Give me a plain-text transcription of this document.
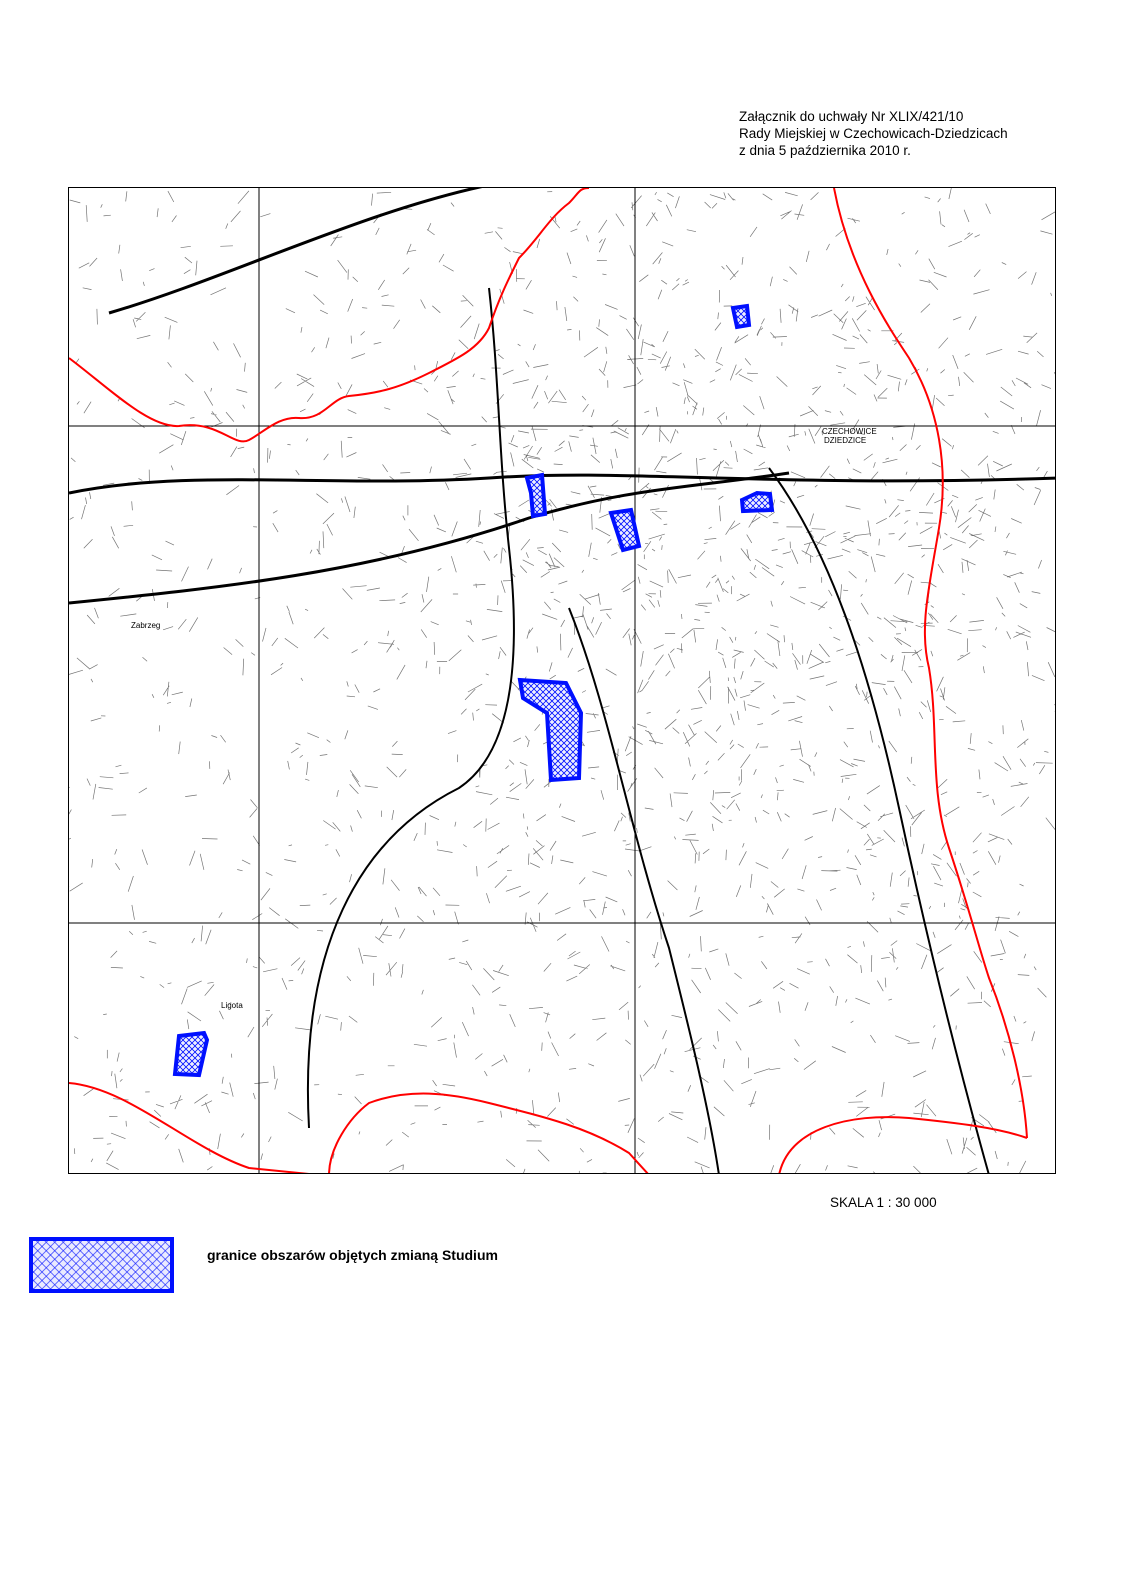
Załącznik do uchwały Nr XLIX/421/10
Rady Miejskiej w Czechowicach-Dziedzicach
z dnia 5 października 2010 r.
CZECHOWICE
DZIEDZICE
Zabrzeg
Ligota
SKALA 1 : 30 000
granice obszarów objętych zmianą Studium
